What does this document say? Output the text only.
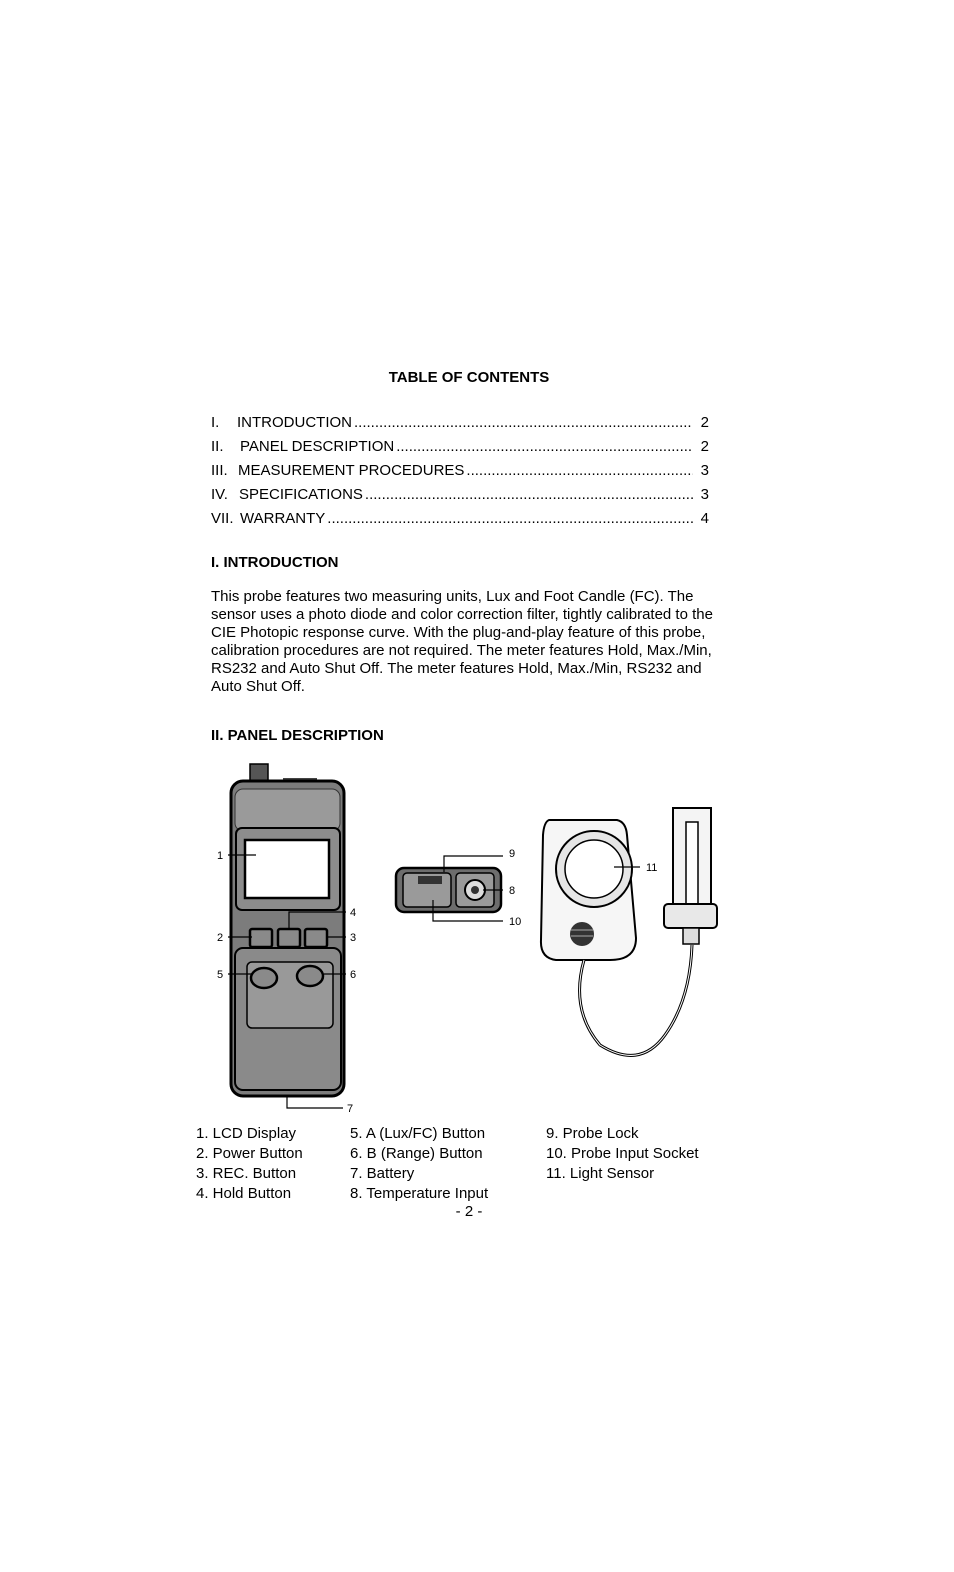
TABLE OF CONTENTS
I.	INTRODUCTION .....	2
II.	PANEL DESCRIPTION .....	2
III. MEASUREMENT PROCEDURES .....	3
IV. SPECIFICATIONS .....	3
VII. WARRANTY .....	4
I. INTRODUCTION
This probe features two measuring units, Lux and Foot Candle (FC). The sensor uses a photo diode and color correction filter, tightly calibrated to the CIE Photopic response curve. With the plug-and-play feature of this probe, calibration procedures are not required. The meter features Hold, Max./Min, RS232 and Auto Shut Off. The meter features Hold, Max./Min, RS232 and Auto Shut Off.
II. PANEL DESCRIPTION
1
2	3
4
5	6
7
9
8
10
11
1. LCD Display
2. Power Button
3. REC. Button
4. Hold Button
5. A (Lux/FC) Button
6. B (Range) Button
7. Battery
8. Temperature Input
9. Probe Lock
10. Probe Input Socket
11. Light Sensor
- 2 -
